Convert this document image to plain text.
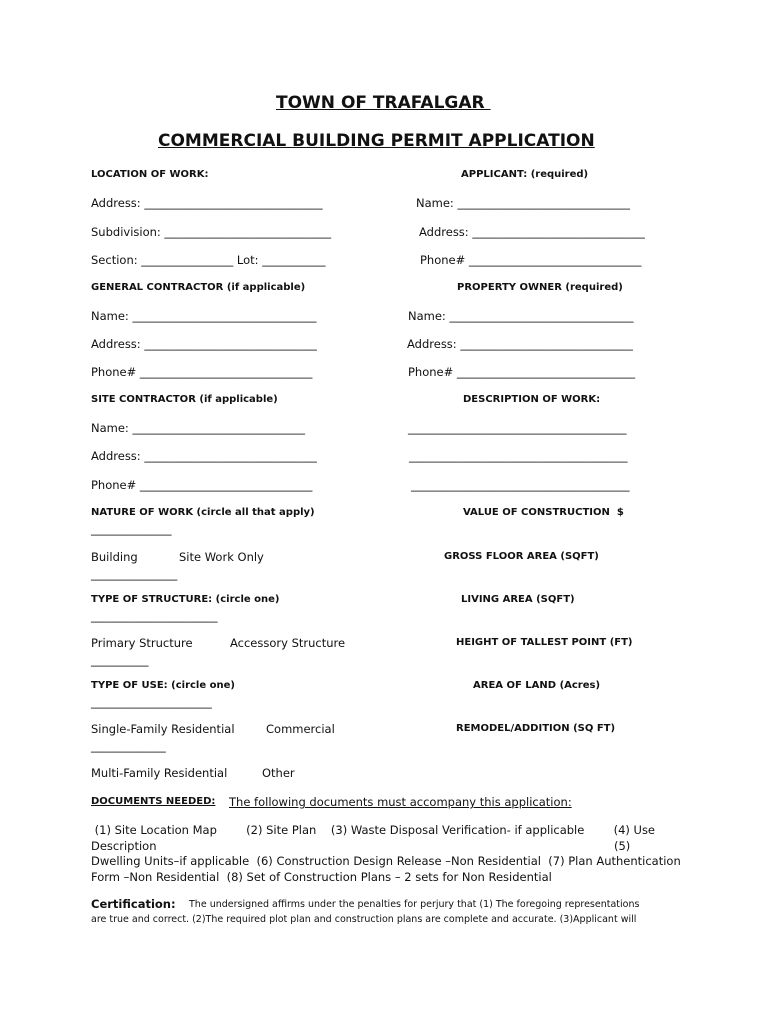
TOWN OF TRAFALGAR
COMMERCIAL BUILDING PERMIT APPLICATION
LOCATION OF WORK:	APPLICANT: (required)
Address: _______________________________	Name: ______________________________
Subdivision: _____________________________	Address: ______________________________
Section: ________________ Lot: ___________	Phone# ______________________________
GENERAL CONTRACTOR (if applicable)	PROPERTY OWNER (required)
Name: ________________________________	Name: ________________________________
Address: ______________________________	Address: ______________________________
Phone# ______________________________	Phone# _______________________________
SITE CONTRACTOR (if applicable)	DESCRIPTION OF WORK:
Name: ______________________________	______________________________________
Address: ______________________________	______________________________________
Phone# ______________________________	______________________________________
NATURE OF WORK (circle all that apply)	VALUE OF CONSTRUCTION  $
______________
Building	Site Work Only	GROSS FLOOR AREA (SQFT)
_______________
TYPE OF STRUCTURE: (circle one)	LIVING AREA (SQFT)
______________________
Primary Structure	Accessory Structure	HEIGHT OF TALLEST POINT (FT)
__________
TYPE OF USE: (circle one)	AREA OF LAND (Acres)
_____________________
Single-Family Residential	Commercial	REMODEL/ADDITION (SQ FT)
_____________
Multi-Family Residential	Other
DOCUMENTS NEEDED: The following documents must accompany this application:
(1) Site Location Map        (2) Site Plan    (3) Waste Disposal Verification- if applicable        (4) Use
Description	(5)
Dwelling Units–if applicable  (6) Construction Design Release –Non Residential  (7) Plan Authentication
Form –Non Residential  (8) Set of Construction Plans – 2 sets for Non Residential
Certification: The undersigned affirms under the penalties for perjury that (1) The foregoing representations
are true and correct. (2)The required plot plan and construction plans are complete and accurate. (3)Applicant will
